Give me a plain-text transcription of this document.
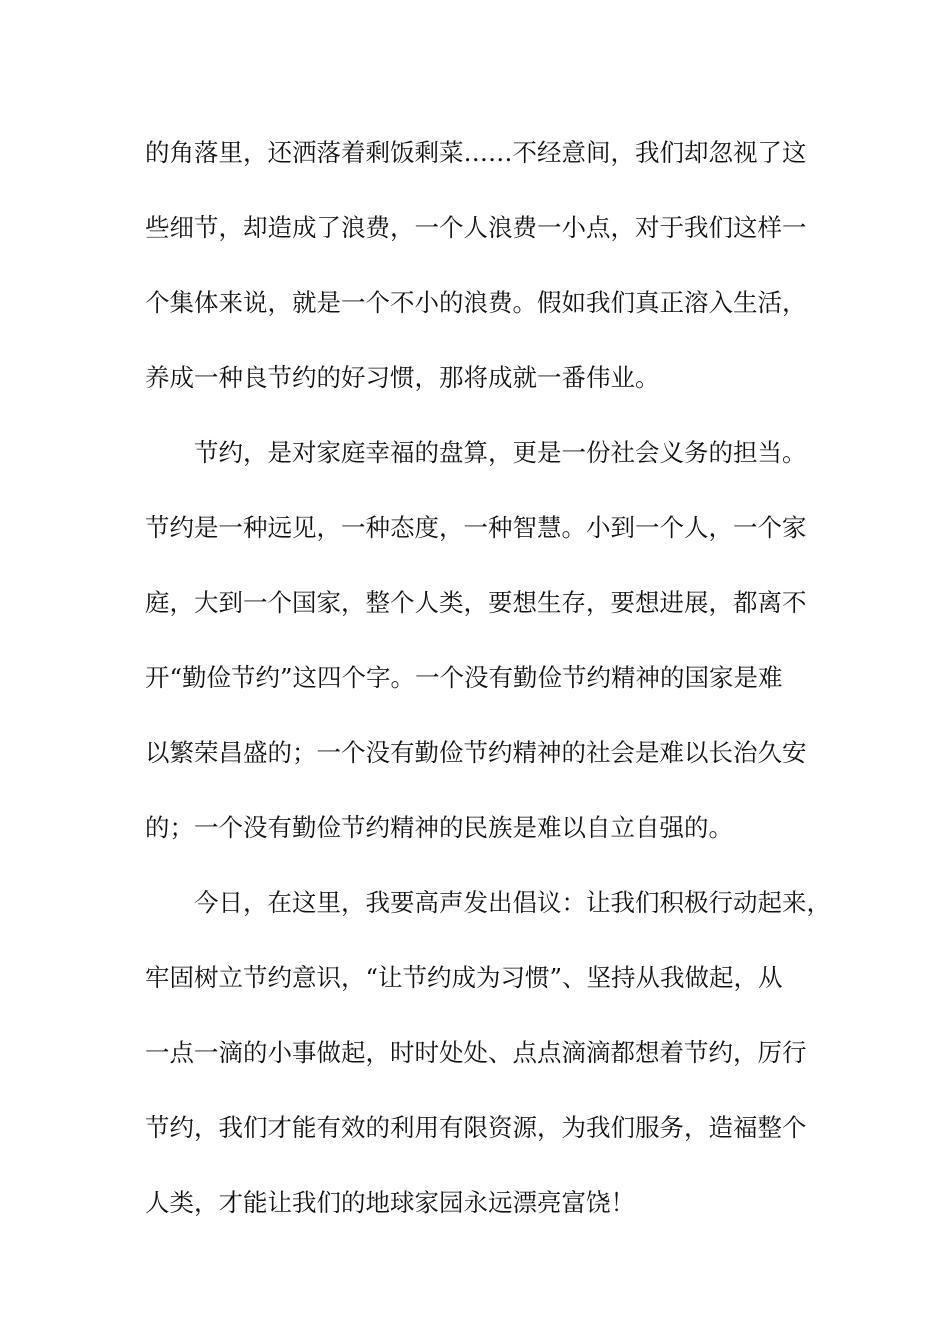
的角落里，还洒落着剩饭剩菜……不经意间，我们却忽视了这
些细节，却造成了浪费，一个人浪费一小点，对于我们这样一
个集体来说，就是一个不小的浪费。假如我们真正溶入生活，
养成一种良节约的好习惯，那将成就一番伟业。
节约，是对家庭幸福的盘算，更是一份社会义务的担当。
节约是一种远见，一种态度，一种智慧。小到一个人，一个家
庭，大到一个国家，整个人类，要想生存，要想进展，都离不
开“勤俭节约”这四个字。一个没有勤俭节约精神的国家是难
以繁荣昌盛的；一个没有勤俭节约精神的社会是难以长治久安
的；一个没有勤俭节约精神的民族是难以自立自强的。
今日，在这里，我要高声发出倡议：让我们积极行动起来，
牢固树立节约意识，“让节约成为习惯”、坚持从我做起，从
一点一滴的小事做起，时时处处、点点滴滴都想着节约，厉行
节约，我们才能有效的利用有限资源，为我们服务，造福整个
人类，才能让我们的地球家园永远漂亮富饶！
